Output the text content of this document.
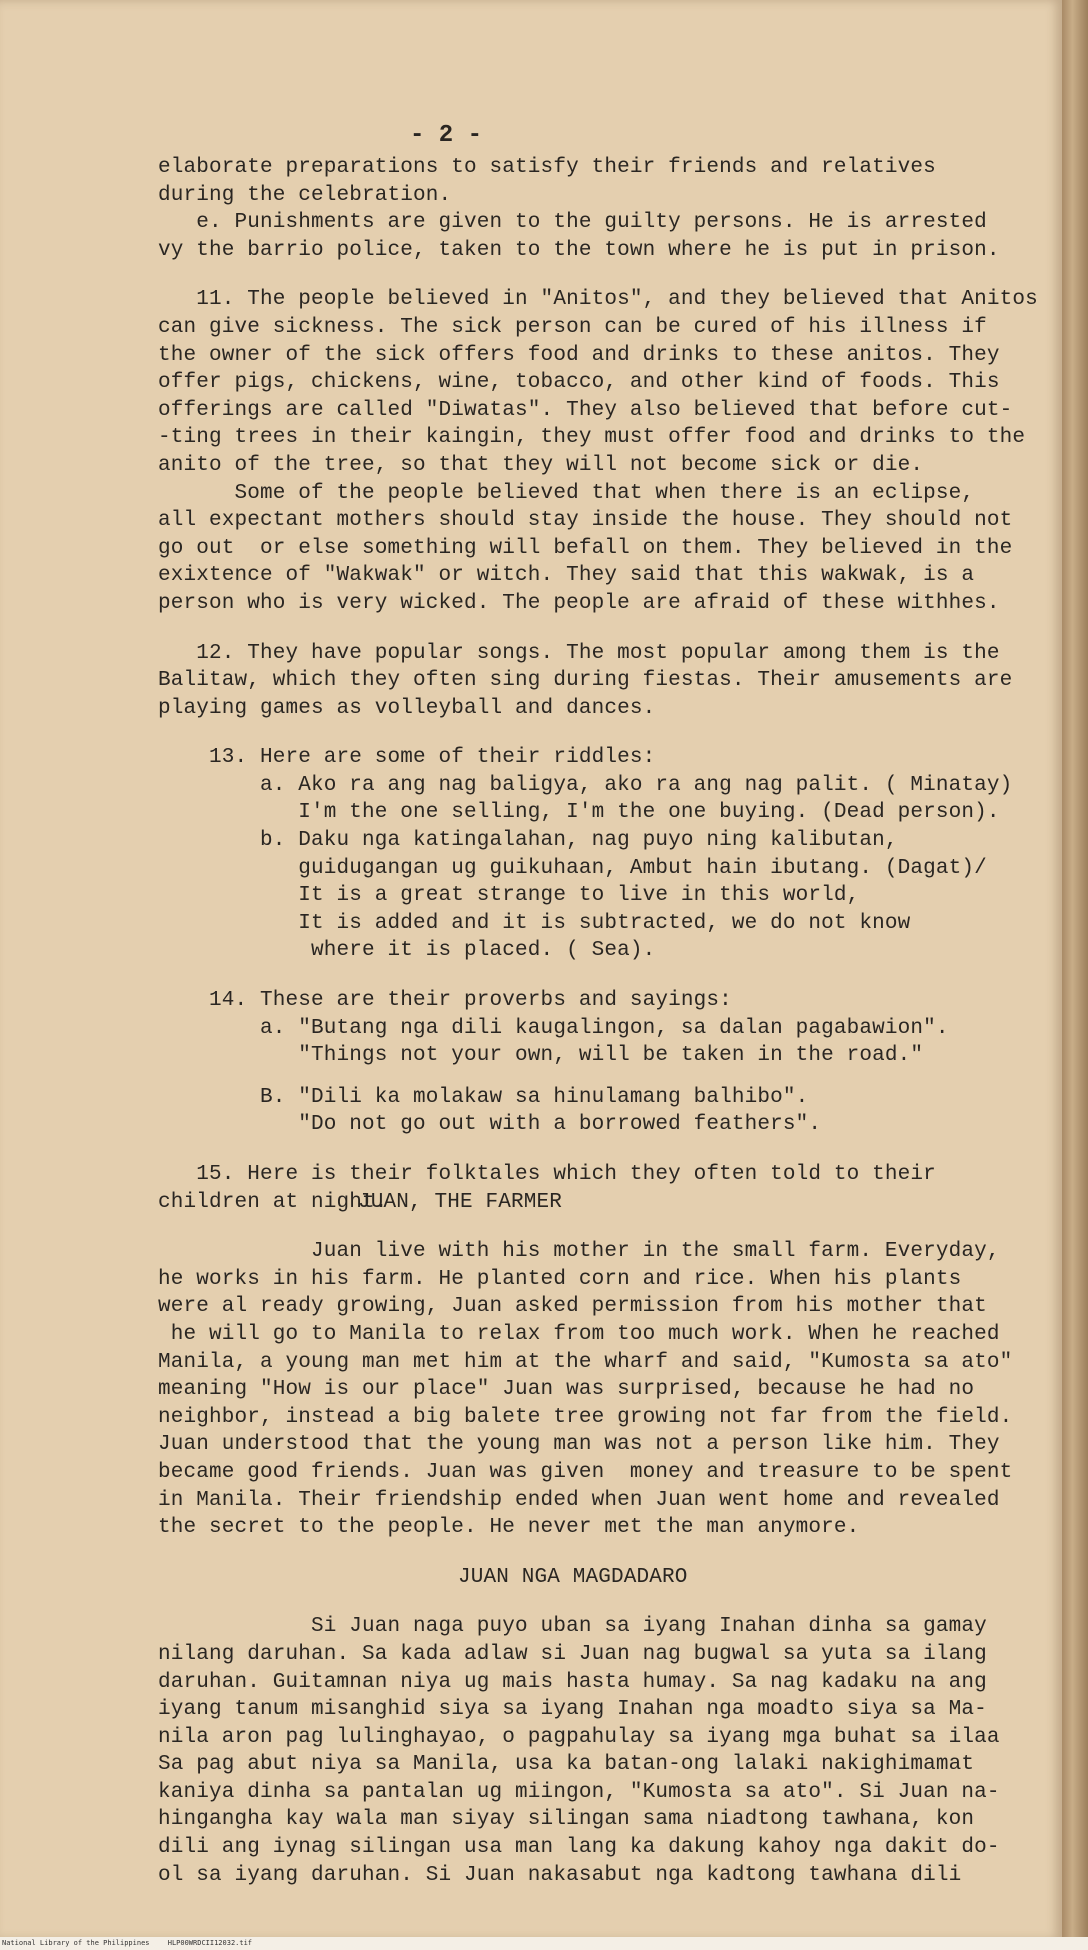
- 2 -
elaborate preparations to satisfy their friends and relatives
during the celebration.
e. Punishments are given to the guilty persons. He is arrested
vy the barrio police, taken to the town where he is put in prison.
11. The people believed in "Anitos", and they believed that Anitos
can give sickness. The sick person can be cured of his illness if
the owner of the sick offers food and drinks to these anitos. They
offer pigs, chickens, wine, tobacco, and other kind of foods. This
offerings are called "Diwatas". They also believed that before cut-
-ting trees in their kaingin, they must offer food and drinks to the
anito of the tree, so that they will not become sick or die.
Some of the people believed that when there is an eclipse,
all expectant mothers should stay inside the house. They should not
go out  or else something will befall on them. They believed in the
exixtence of "Wakwak" or witch. They said that this wakwak, is a
person who is very wicked. The people are afraid of these withhes.
12. They have popular songs. The most popular among them is the
Balitaw, which they often sing during fiestas. Their amusements are
playing games as volleyball and dances.
13. Here are some of their riddles:
a. Ako ra ang nag baligya, ako ra ang nag palit. ( Minatay)
I'm the one selling, I'm the one buying. (Dead person).
b. Daku nga katingalahan, nag puyo ning kalibutan,
guidugangan ug guikuhaan, Ambut hain ibutang. (Dagat)/
It is a great strange to live in this world,
It is added and it is subtracted, we do not know
where it is placed. ( Sea).
14. These are their proverbs and sayings:
a. "Butang nga dili kaugalingon, sa dalan pagabawion".
"Things not your own, will be taken in the road."
B. "Dili ka molakaw sa hinulamang balhibo".
"Do not go out with a borrowed feathers".
15. Here is their folktales which they often told to their
children at night.
JUAN, THE FARMER
Juan live with his mother in the small farm. Everyday,
he works in his farm. He planted corn and rice. When his plants
were al ready growing, Juan asked permission from his mother that
he will go to Manila to relax from too much work. When he reached
Manila, a young man met him at the wharf and said, "Kumosta sa ato"
meaning "How is our place" Juan was surprised, because he had no
neighbor, instead a big balete tree growing not far from the field.
Juan understood that the young man was not a person like him. They
became good friends. Juan was given  money and treasure to be spent
in Manila. Their friendship ended when Juan went home and revealed
the secret to the people. He never met the man anymore.
JUAN NGA MAGDADARO
Si Juan naga puyo uban sa iyang Inahan dinha sa gamay
nilang daruhan. Sa kada adlaw si Juan nag bugwal sa yuta sa ilang
daruhan. Guitamnan niya ug mais hasta humay. Sa nag kadaku na ang
iyang tanum misanghid siya sa iyang Inahan nga moadto siya sa Ma-
nila aron pag lulinghayao, o pagpahulay sa iyang mga buhat sa ilaa
Sa pag abut niya sa Manila, usa ka batan-ong lalaki nakighimamat
kaniya dinha sa pantalan ug miingon, "Kumosta sa ato". Si Juan na-
hingangha kay wala man siyay silingan sama niadtong tawhana, kon
dili ang iynag silingan usa man lang ka dakung kahoy nga dakit do-
ol sa iyang daruhan. Si Juan nakasabut nga kadtong tawhana dili
National Library of the Philippines	HLP00WRDCII12032.tif
